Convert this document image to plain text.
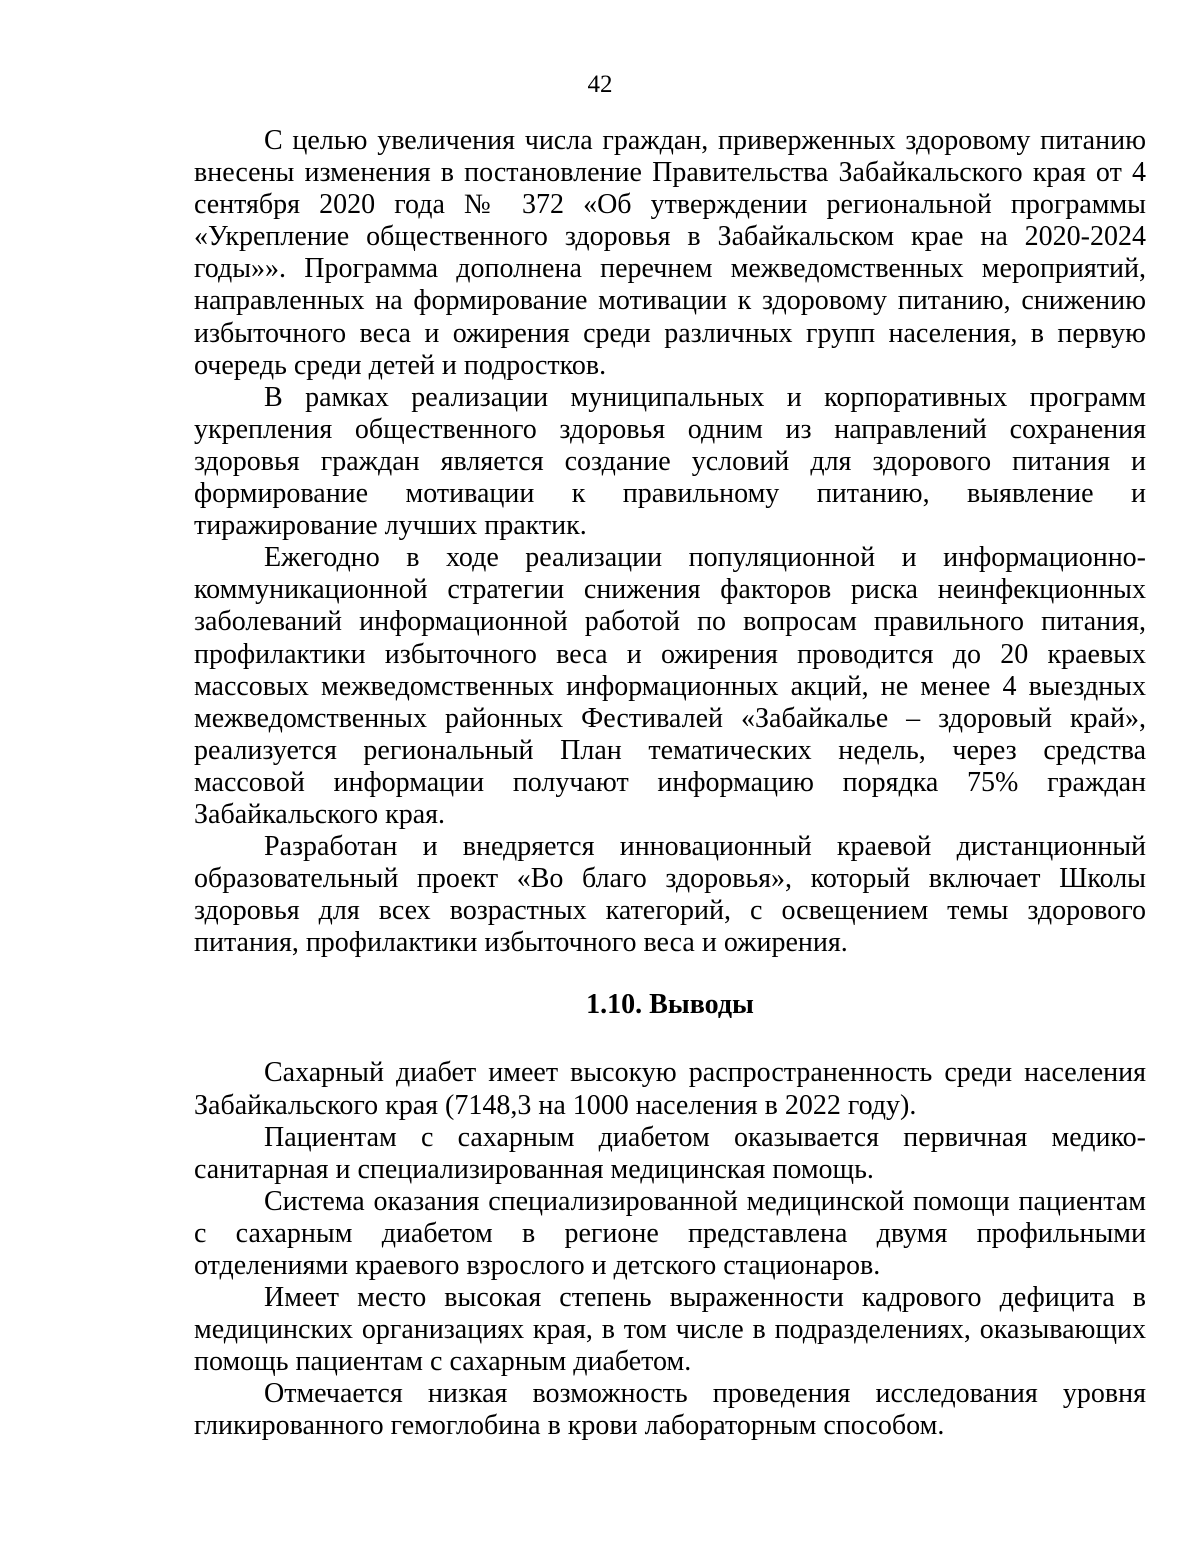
42

С целью увеличения числа граждан, приверженных здоровому питанию внесены изменения в постановление Правительства Забайкальского края от 4 сентября 2020 года № 372 «Об утверждении региональной программы «Укрепление общественного здоровья в Забайкальском крае на 2020-2024 годы»». Программа дополнена перечнем межведомственных мероприятий, направленных на формирование мотивации к здоровому питанию, снижению избыточного веса и ожирения среди различных групп населения, в первую очередь среди детей и подростков.

В рамках реализации муниципальных и корпоративных программ укрепления общественного здоровья одним из направлений сохранения здоровья граждан является создание условий для здорового питания и формирование мотивации к правильному питанию, выявление и тиражирование лучших практик.

Ежегодно в ходе реализации популяционной и информационно-коммуникационной стратегии снижения факторов риска неинфекционных заболеваний информационной работой по вопросам правильного питания, профилактики избыточного веса и ожирения проводится до 20 краевых массовых межведомственных информационных акций, не менее 4 выездных межведомственных районных Фестивалей «Забайкалье – здоровый край», реализуется региональный План тематических недель, через средства массовой информации получают информацию порядка 75% граждан Забайкальского края.

Разработан и внедряется инновационный краевой дистанционный образовательный проект «Во благо здоровья», который включает Школы здоровья для всех возрастных категорий, с освещением темы здорового питания, профилактики избыточного веса и ожирения.

1.10. Выводы

Сахарный диабет имеет высокую распространенность среди населения Забайкальского края (7148,3 на 1000 населения в 2022 году).

Пациентам с сахарным диабетом оказывается первичная медико-санитарная и специализированная медицинская помощь.

Система оказания специализированной медицинской помощи пациентам с сахарным диабетом в регионе представлена двумя профильными отделениями краевого взрослого и детского стационаров.

Имеет место высокая степень выраженности кадрового дефицита в медицинских организациях края, в том числе в подразделениях, оказывающих помощь пациентам с сахарным диабетом.

Отмечается низкая возможность проведения исследования уровня гликированного гемоглобина в крови лабораторным способом.
